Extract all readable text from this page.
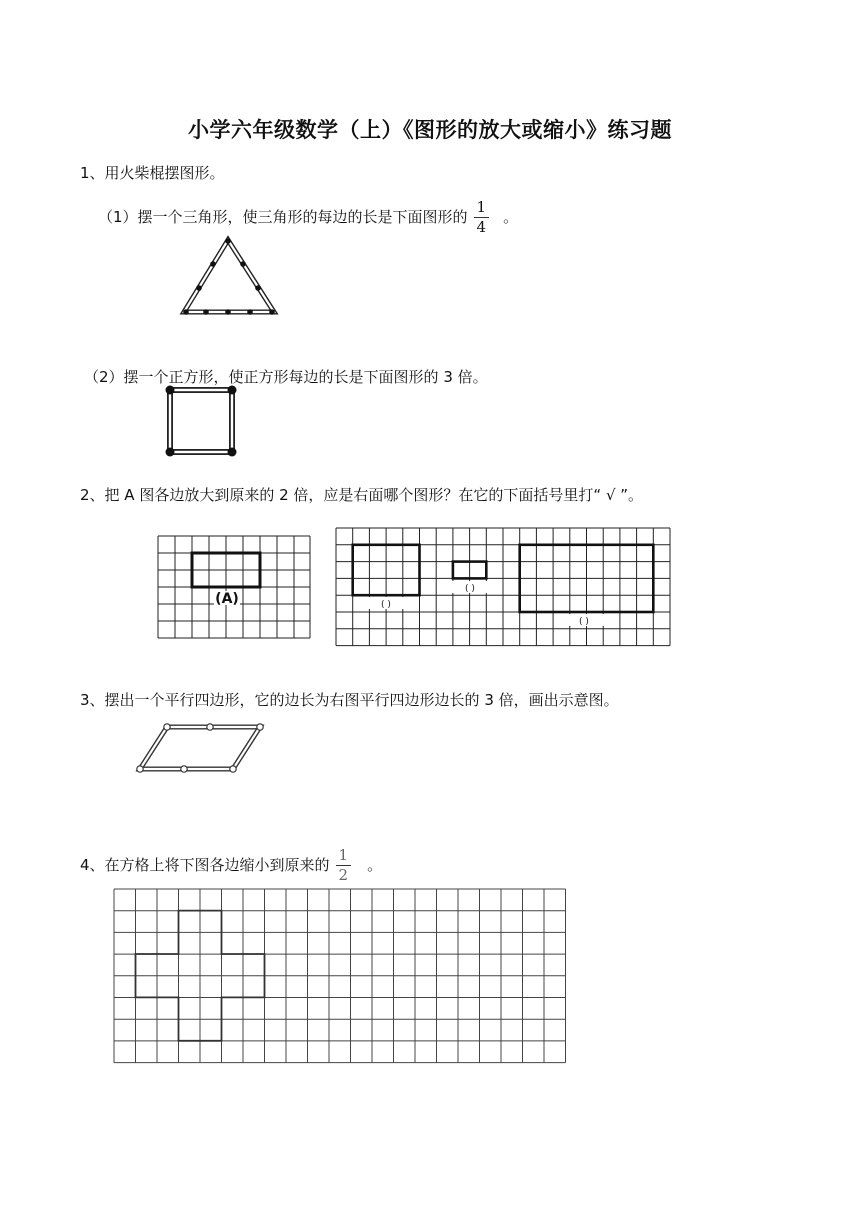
小学六年级数学（上）《图形的放大或缩小》练习题
1、用火柴棍摆图形。
（1）摆一个三角形，使三角形的每边的长是下面图形的 $\frac{1}{4}$ 。
（2）摆一个正方形，使正方形每边的长是下面图形的 3 倍。
2、把 A 图各边放大到原来的 2 倍，应是右面哪个图形？在它的下面括号里打“ √ ”。
(A)	( )
( )
( )
3、摆出一个平行四边形，它的边长为右图平行四边形边长的 3 倍，画出示意图。
4、在方格上将下图各边缩小到原来的 $\frac{1}{2}$ 。
